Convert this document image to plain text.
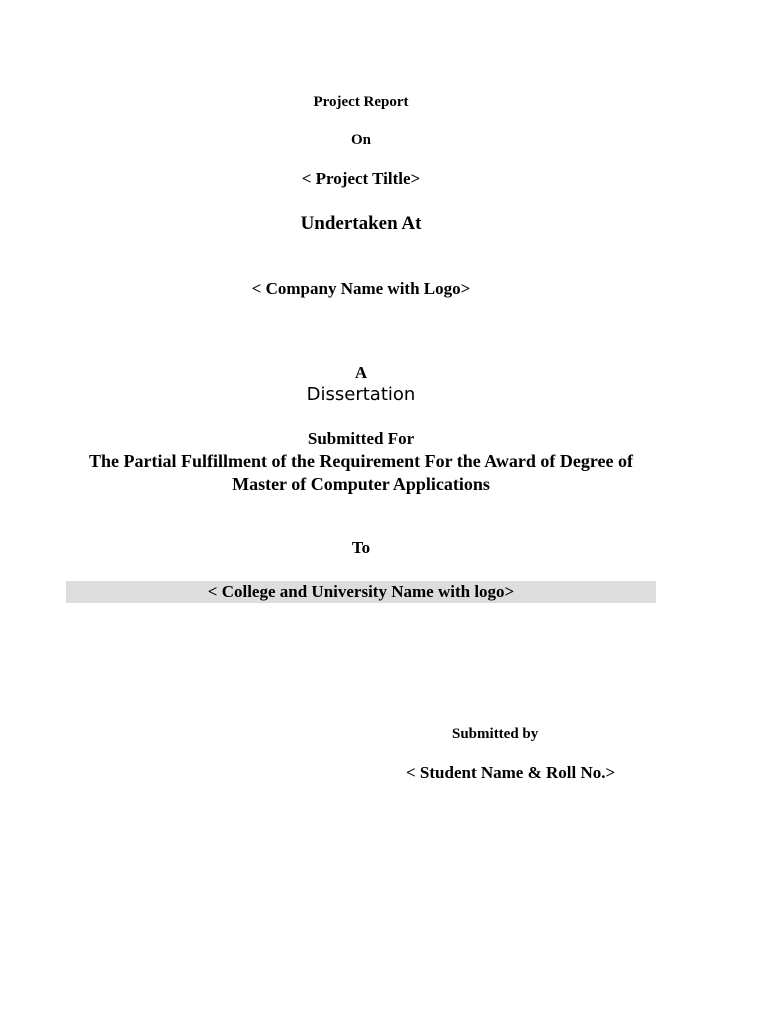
Project Report
On
< Project Tiltle>
Undertaken At
< Company Name with Logo>
A
Dissertation
Submitted For
The Partial Fulfillment of the Requirement For the Award of Degree of
Master of Computer Applications
To
< College and University Name with logo>
Submitted by
< Student Name & Roll No.>
